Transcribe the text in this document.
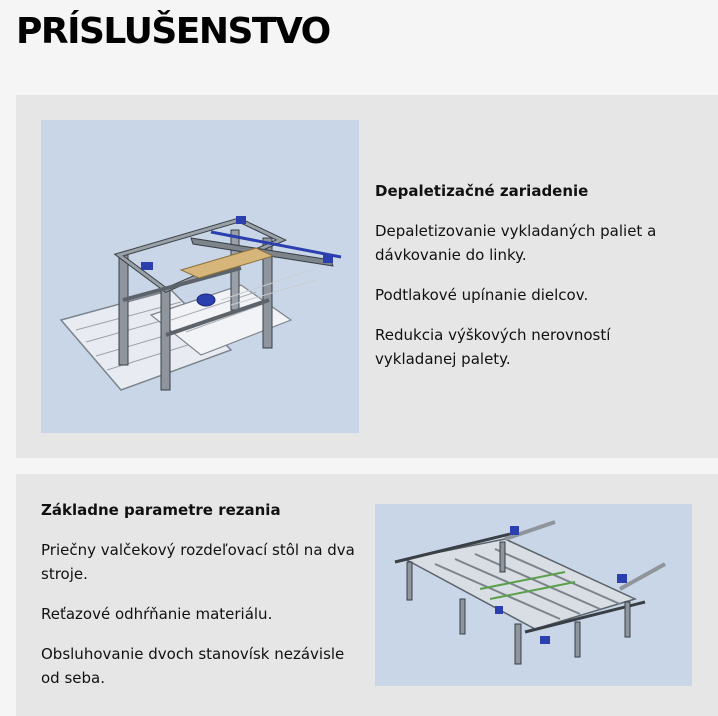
PRÍSLUŠENSTVO
Depaletizačné zariadenie

Depaletizovanie vykladaných paliet a dávkovanie do linky.

Podtlakové upínanie dielcov.

Redukcia výškových nerovností vykladanej palety.

Základne parametre rezania

Priečny valčekový rozdeľovací stôl na dva stroje.

Reťazové odhŕňanie materiálu.

Obsluhovanie dvoch stanovísk nezávisle od seba.
